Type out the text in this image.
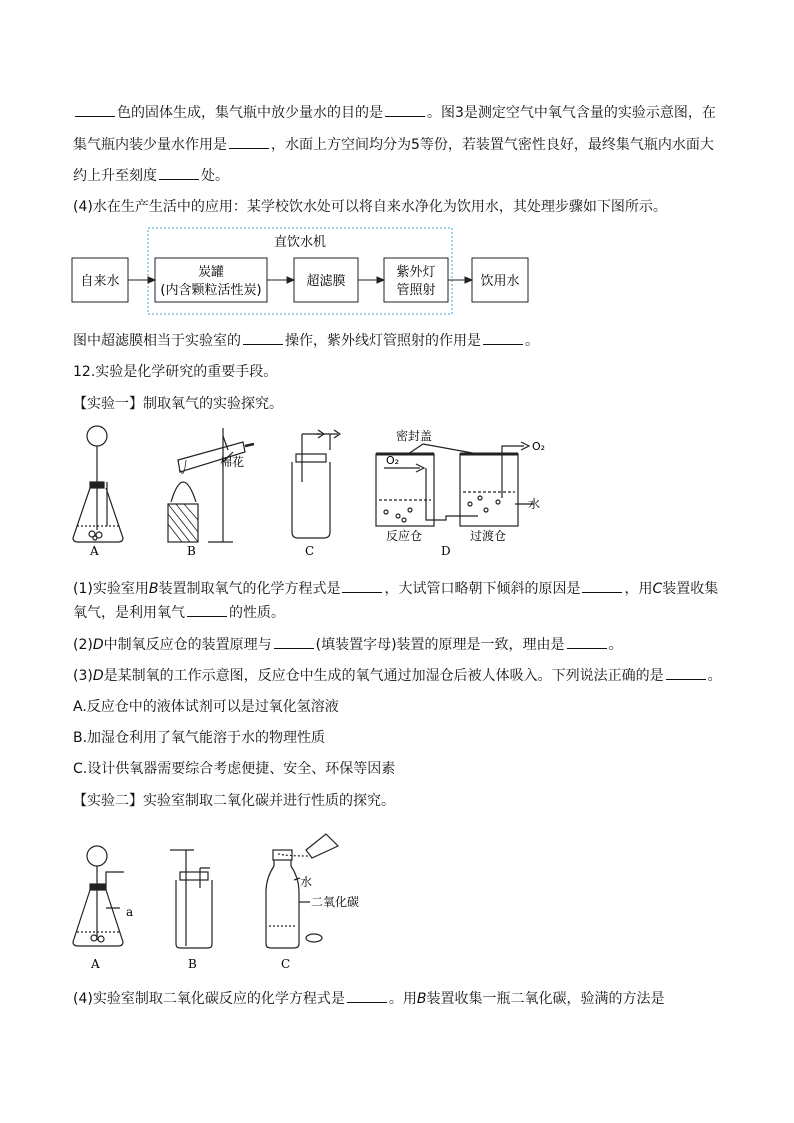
色的固体生成，集气瓶中放少量水的目的是	。图3是测定空气中氧气含量的实验示意图，在
集气瓶内装少量水作用是	，水面上方空间均分为5等份，若装置气密性良好，最终集气瓶内水面大
约上升至刻度	处。
(4)水在生产生活中的应用：某学校饮水处可以将自来水净化为饮用水，其处理步骤如下图所示。
直饮水机
自来水
炭罐
(内含颗粒活性炭)
超滤膜
紫外灯
管照射
饮用水
图中超滤膜相当于实验室的	操作，紫外线灯管照射的作用是	。
12.实验是化学研究的重要手段。
【实验一】制取氧气的实验探究。
A	B	C	D
棉花
密封盖
O₂
O₂
水
反应仓	过渡仓
(1)实验室用B装置制取氧气的化学方程式是	，大试管口略朝下倾斜的原因是	，用C装置收集
氧气，是利用氧气	的性质。
(2)D中制氧反应仓的装置原理与	(填装置字母)装置的原理是一致，理由是	。
(3)D是某制氧的工作示意图，反应仓中生成的氧气通过加湿仓后被人体吸入。下列说法正确的是	。
A.反应仓中的液体试剂可以是过氧化氢溶液
B.加湿仓利用了氧气能溶于水的物理性质
C.设计供氧器需要综合考虑便捷、安全、环保等因素
【实验二】实验室制取二氧化碳并进行性质的探究。
a
A	B	C
水
二氧化碳
(4)实验室制取二氧化碳反应的化学方程式是	。用B装置收集一瓶二氧化碳，验满的方法是
